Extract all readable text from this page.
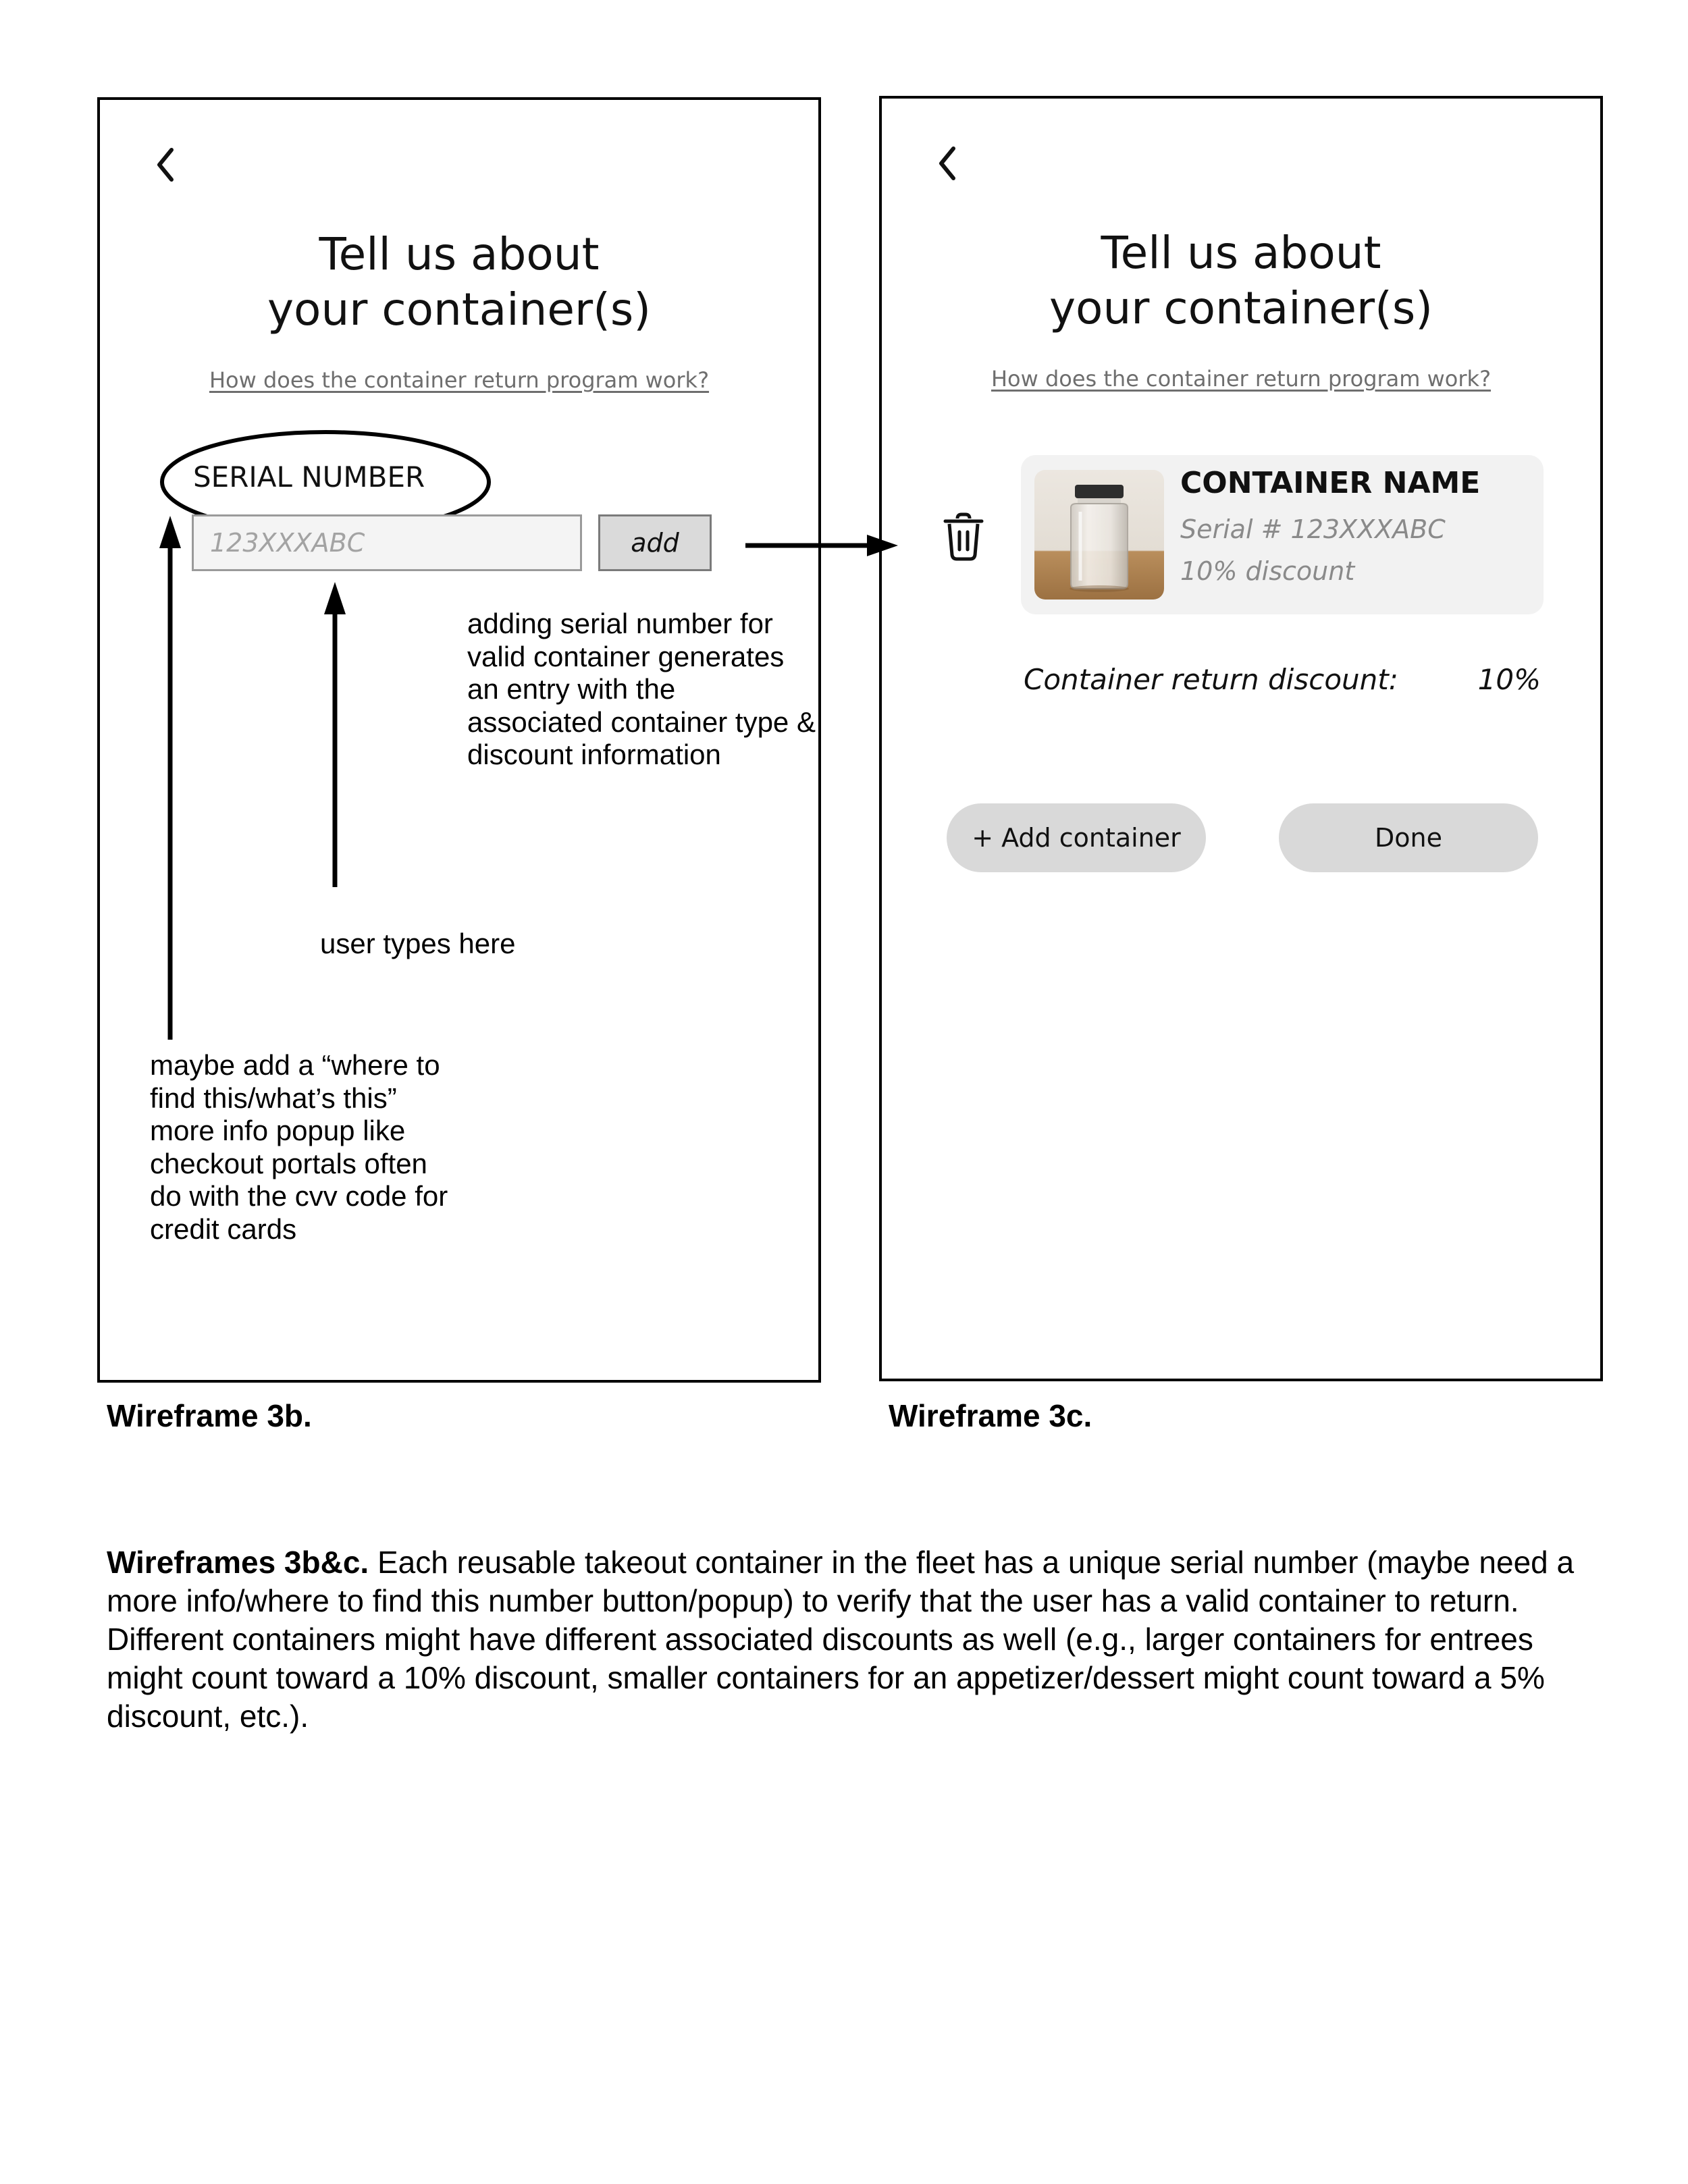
Tell us about
your container(s)
How does the container return program work?
SERIAL NUMBER
123XXXABC
add

adding serial number for valid container generates an entry with the associated container type & discount information

user types here

maybe add a “where to find this/what’s this” more info popup like checkout portals often do with the cvv code for credit cards

Tell us about
your container(s)
How does the container return program work?
CONTAINER NAME
Serial # 123XXXABC
10% discount
Container return discount:	10%
+ Add container	Done
Wireframe 3b.	Wireframe 3c.

Wireframes 3b&c. Each reusable takeout container in the fleet has a unique serial number (maybe need a more info/where to find this number button/popup) to verify that the user has a valid container to return. Different containers might have different associated discounts as well (e.g., larger containers for entrees might count toward a 10% discount, smaller containers for an appetizer/dessert might count toward a 5% discount, etc.).
